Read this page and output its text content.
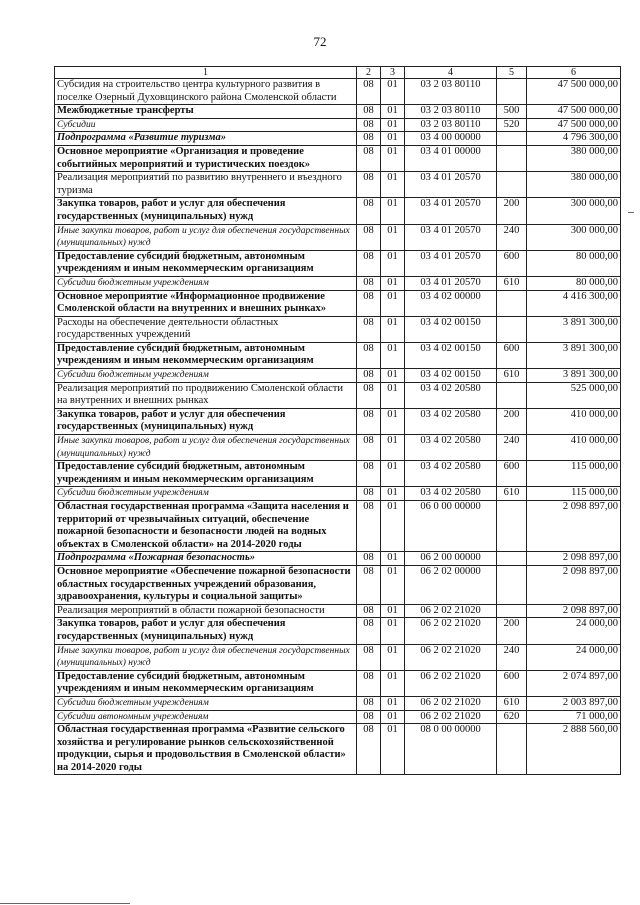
72
1	2	3	4	5	6
Субсидия на строительство центра культурного развития в поселке Озерный Духовщинского района Смоленской области	08	01	03 2 03 80110		47 500 000,00
Межбюджетные трансферты	08	01	03 2 03 80110	500	47 500 000,00
Субсидии	08	01	03 2 03 80110	520	47 500 000,00
Подпрограмма «Развитие туризма»	08	01	03 4 00 00000		4 796 300,00
Основное мероприятие «Организация и проведение событийных мероприятий и туристических поездок»	08	01	03 4 01 00000		380 000,00
Реализация мероприятий по развитию внутреннего и въездного туризма	08	01	03 4 01 20570		380 000,00
Закупка товаров, работ и услуг для обеспечения государственных (муниципальных) нужд	08	01	03 4 01 20570	200	300 000,00
Иные закупки товаров, работ и услуг для обеспечения государственных (муниципальных) нужд	08	01	03 4 01 20570	240	300 000,00
Предоставление субсидий бюджетным, автономным учреждениям и иным некоммерческим организациям	08	01	03 4 01 20570	600	80 000,00
Субсидии бюджетным учреждениям	08	01	03 4 01 20570	610	80 000,00
Основное мероприятие «Информационное продвижение Смоленской области на внутренних и внешних рынках»	08	01	03 4 02 00000		4 416 300,00
Расходы на обеспечение деятельности областных государственных учреждений	08	01	03 4 02 00150		3 891 300,00
Предоставление субсидий бюджетным, автономным учреждениям и иным некоммерческим организациям	08	01	03 4 02 00150	600	3 891 300,00
Субсидии бюджетным учреждениям	08	01	03 4 02 00150	610	3 891 300,00
Реализация мероприятий по продвижению Смоленской области на внутренних и внешних рынках	08	01	03 4 02 20580		525 000,00
Закупка товаров, работ и услуг для обеспечения государственных (муниципальных) нужд	08	01	03 4 02 20580	200	410 000,00
Иные закупки товаров, работ и услуг для обеспечения государственных (муниципальных) нужд	08	01	03 4 02 20580	240	410 000,00
Предоставление субсидий бюджетным, автономным учреждениям и иным некоммерческим организациям	08	01	03 4 02 20580	600	115 000,00
Субсидии бюджетным учреждениям	08	01	03 4 02 20580	610	115 000,00
Областная государственная программа «Защита населения и территорий от чрезвычайных ситуаций, обеспечение пожарной безопасности и безопасности людей на водных объектах в Смоленской области» на 2014-2020 годы	08	01	06 0 00 00000		2 098 897,00
Подпрограмма «Пожарная безопасность»	08	01	06 2 00 00000		2 098 897,00
Основное мероприятие «Обеспечение пожарной безопасности областных государственных учреждений образования, здравоохранения, культуры и социальной защиты»	08	01	06 2 02 00000		2 098 897,00
Реализация мероприятий в области пожарной безопасности	08	01	06 2 02 21020		2 098 897,00
Закупка товаров, работ и услуг для обеспечения государственных (муниципальных) нужд	08	01	06 2 02 21020	200	24 000,00
Иные закупки товаров, работ и услуг для обеспечения государственных (муниципальных) нужд	08	01	06 2 02 21020	240	24 000,00
Предоставление субсидий бюджетным, автономным учреждениям и иным некоммерческим организациям	08	01	06 2 02 21020	600	2 074 897,00
Субсидии бюджетным учреждениям	08	01	06 2 02 21020	610	2 003 897,00
Субсидии автономным учреждениям	08	01	06 2 02 21020	620	71 000,00
Областная государственная программа «Развитие сельского хозяйства и регулирование рынков сельскохозяйственной продукции, сырья и продовольствия в Смоленской области» на 2014-2020 годы	08	01	08 0 00 00000		2 888 560,00
